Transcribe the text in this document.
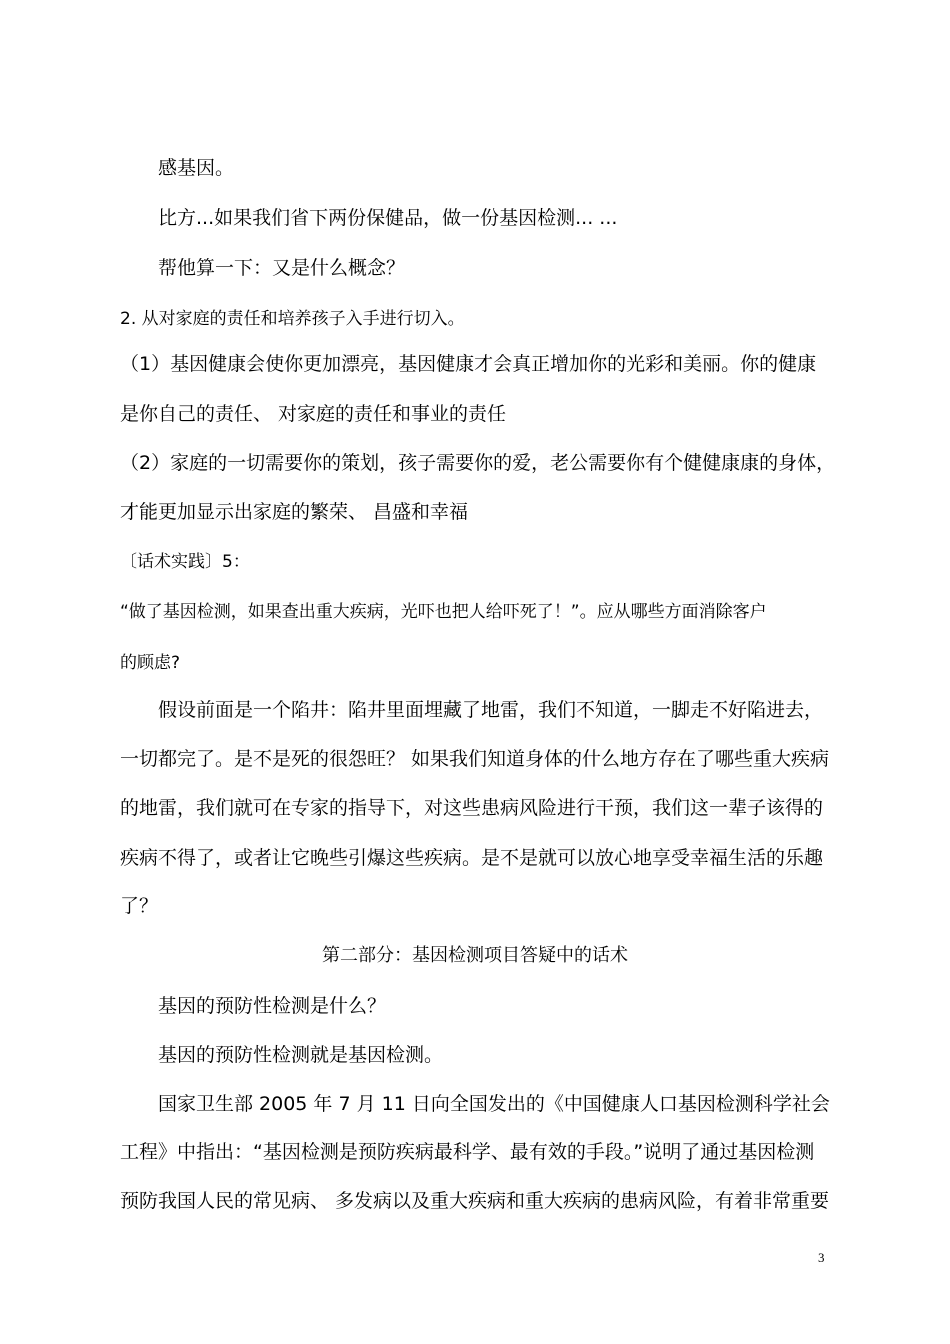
感基因。
比方...如果我们省下两份保健品，做一份基因检测... ...
帮他算一下：又是什么概念？
2. 从对家庭的责任和培养孩子入手进行切入。
（1）基因健康会使你更加漂亮，基因健康才会真正增加你的光彩和美丽。你的健康
是你自己的责任、 对家庭的责任和事业的责任
（2）家庭的一切需要你的策划，孩子需要你的爱，老公需要你有个健健康康的身体，
才能更加显示出家庭的繁荣、 昌盛和幸福
〔话术实践〕5：
“做了基因检测，如果查出重大疾病，光吓也把人给吓死了！”。应从哪些方面消除客户
的顾虑?
假设前面是一个陷井：陷井里面埋藏了地雷，我们不知道，一脚走不好陷进去，
一切都完了。是不是死的很怨旺？ 如果我们知道身体的什么地方存在了哪些重大疾病
的地雷，我们就可在专家的指导下，对这些患病风险进行干预，我们这一辈子该得的
疾病不得了，或者让它晚些引爆这些疾病。是不是就可以放心地享受幸福生活的乐趣
了？
第二部分：基因检测项目答疑中的话术
基因的预防性检测是什么？
基因的预防性检测就是基因检测。
国家卫生部 2005 年 7 月 11 日向全国发出的《中国健康人口基因检测科学社会
工程》中指出：“基因检测是预防疾病最科学、最有效的手段。”说明了通过基因检测
预防我国人民的常见病、 多发病以及重大疾病和重大疾病的患病风险，有着非常重要
3
